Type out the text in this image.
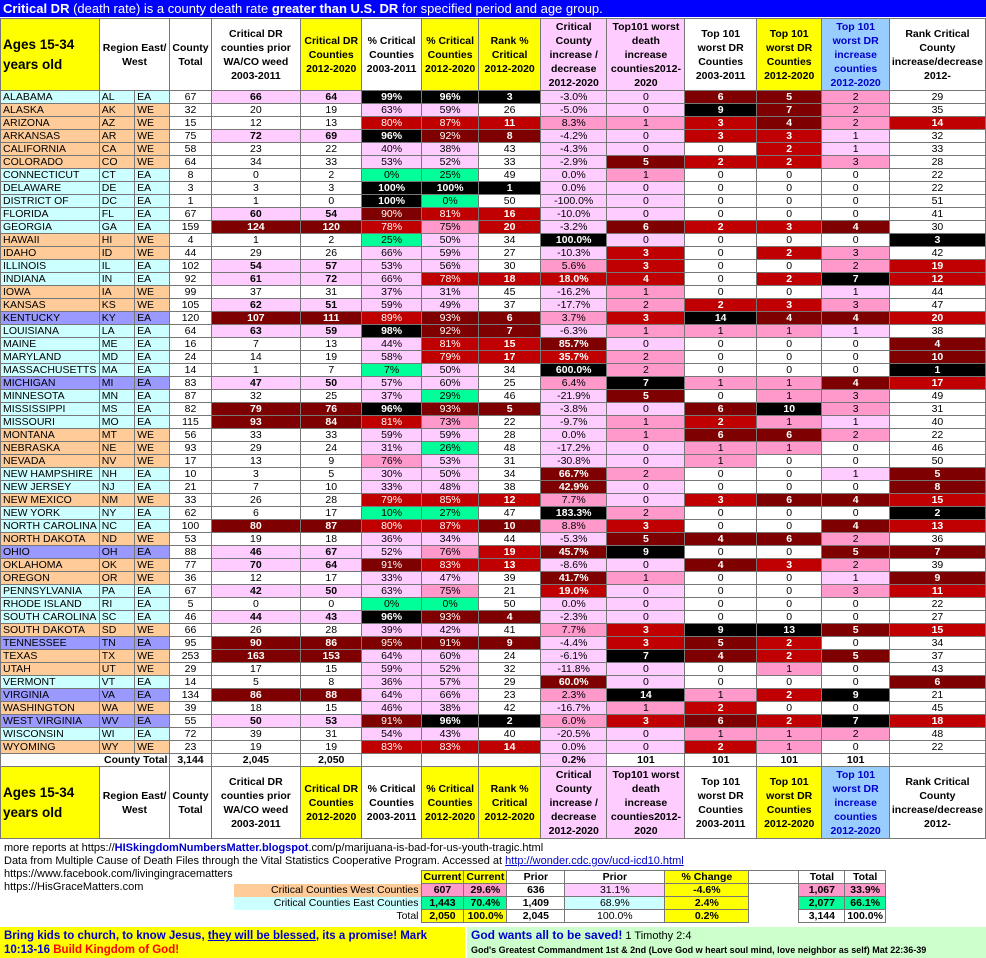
Critical DR (death rate) is a county death rate greater than U.S. DR for specified period and age group.
Ages 15-34 years old	Region East/ West		County Total	Critical DR counties prior WA/CO weed 2003-2011	Critical DR Counties 2012-2020	% Critical Counties 2003-2011	% Critical Counties 2012-2020	Rank % Critical 2012-2020	Critical County increase / decrease 2012-2020	Top101 worst death increase counties2012-2020	Top 101 worst DR Counties 2003-2011	Top 101 worst DR Counties 2012-2020	Top 101 worst DR increase counties 2012-2020	Rank Critical County increase/decrease 2012-
ALABAMA	AL	EA	67	66	64	99%	96%	3	-3.0%	0	6	5	2	29
ALASKA	AK	WE	32	20	19	63%	59%	26	-5.0%	0	9	7	2	35
ARIZONA	AZ	WE	15	12	13	80%	87%	11	8.3%	1	3	4	2	14
ARKANSAS	AR	WE	75	72	69	96%	92%	8	-4.2%	0	3	3	1	32
CALIFORNIA	CA	WE	58	23	22	40%	38%	43	-4.3%	0	0	2	1	33
COLORADO	CO	WE	64	34	33	53%	52%	33	-2.9%	5	2	2	3	28
CONNECTICUT	CT	EA	8	0	2	0%	25%	49	0.0%	1	0	0	0	22
DELAWARE	DE	EA	3	3	3	100%	100%	1	0.0%	0	0	0	0	22
DISTRICT OF	DC	EA	1	1	0	100%	0%	50	-100.0%	0	0	0	0	51
FLORIDA	FL	EA	67	60	54	90%	81%	16	-10.0%	0	0	0	0	41
GEORGIA	GA	EA	159	124	120	78%	75%	20	-3.2%	6	2	3	4	30
HAWAII	HI	WE	4	1	2	25%	50%	34	100.0%	0	0	0	0	3
IDAHO	ID	WE	44	29	26	66%	59%	27	-10.3%	3	0	2	3	42
ILLINOIS	IL	EA	102	54	57	53%	56%	30	5.6%	3	0	0	2	19
INDIANA	IN	EA	92	61	72	66%	78%	18	18.0%	4	0	2	7	12
IOWA	IA	WE	99	37	31	37%	31%	45	-16.2%	1	0	0	1	44
KANSAS	KS	WE	105	62	51	59%	49%	37	-17.7%	2	2	3	3	47
KENTUCKY	KY	EA	120	107	111	89%	93%	6	3.7%	3	14	4	4	20
LOUISIANA	LA	EA	64	63	59	98%	92%	7	-6.3%	1	1	1	1	38
MAINE	ME	EA	16	7	13	44%	81%	15	85.7%	0	0	0	0	4
MARYLAND	MD	EA	24	14	19	58%	79%	17	35.7%	2	0	0	0	10
MASSACHUSETTS	MA	EA	14	1	7	7%	50%	34	600.0%	2	0	0	0	1
MICHIGAN	MI	EA	83	47	50	57%	60%	25	6.4%	7	1	1	4	17
MINNESOTA	MN	EA	87	32	25	37%	29%	46	-21.9%	5	0	1	3	49
MISSISSIPPI	MS	EA	82	79	76	96%	93%	5	-3.8%	0	6	10	3	31
MISSOURI	MO	EA	115	93	84	81%	73%	22	-9.7%	1	2	1	1	40
MONTANA	MT	WE	56	33	33	59%	59%	28	0.0%	1	6	6	2	22
NEBRASKA	NE	WE	93	29	24	31%	26%	48	-17.2%	0	1	1	0	46
NEVADA	NV	WE	17	13	9	76%	53%	31	-30.8%	0	1	0	0	50
NEW HAMPSHIRE	NH	EA	10	3	5	30%	50%	34	66.7%	2	0	0	1	5
NEW JERSEY	NJ	EA	21	7	10	33%	48%	38	42.9%	0	0	0	0	8
NEW MEXICO	NM	WE	33	26	28	79%	85%	12	7.7%	0	3	6	4	15
NEW YORK	NY	EA	62	6	17	10%	27%	47	183.3%	2	0	0	0	2
NORTH CAROLINA	NC	EA	100	80	87	80%	87%	10	8.8%	3	0	0	4	13
NORTH DAKOTA	ND	WE	53	19	18	36%	34%	44	-5.3%	5	4	6	2	36
OHIO	OH	EA	88	46	67	52%	76%	19	45.7%	9	0	0	5	7
OKLAHOMA	OK	WE	77	70	64	91%	83%	13	-8.6%	0	4	3	2	39
OREGON	OR	WE	36	12	17	33%	47%	39	41.7%	1	0	0	1	9
PENNSYLVANIA	PA	EA	67	42	50	63%	75%	21	19.0%	0	0	0	3	11
RHODE ISLAND	RI	EA	5	0	0	0%	0%	50	0.0%	0	0	0	0	22
SOUTH CAROLINA	SC	EA	46	44	43	96%	93%	4	-2.3%	0	0	0	0	27
SOUTH DAKOTA	SD	WE	66	26	28	39%	42%	41	7.7%	3	9	13	5	15
TENNESSEE	TN	EA	95	90	86	95%	91%	9	-4.4%	3	5	2	0	34
TEXAS	TX	WE	253	163	153	64%	60%	24	-6.1%	7	4	2	5	37
UTAH	UT	WE	29	17	15	59%	52%	32	-11.8%	0	0	1	0	43
VERMONT	VT	EA	14	5	8	36%	57%	29	60.0%	0	0	0	0	6
VIRGINIA	VA	EA	134	86	88	64%	66%	23	2.3%	14	1	2	9	21
WASHINGTON	WA	WE	39	18	15	46%	38%	42	-16.7%	1	2	0	0	45
WEST VIRGINIA	WV	EA	55	50	53	91%	96%	2	6.0%	3	6	2	7	18
WISCONSIN	WI	EA	72	39	31	54%	43%	40	-20.5%	0	1	1	2	48
WYOMING	WY	WE	23	19	19	83%	83%	14	0.0%	0	2	1	0	22
County Total			3,144	2,045	2,050				0.2%	101	101	101	101	
Ages 15-34 years old	Region East/ West		County Total	Critical DR counties prior WA/CO weed 2003-2011	Critical DR Counties 2012-2020	% Critical Counties 2003-2011	% Critical Counties 2012-2020	Rank % Critical 2012-2020	Critical County increase / decrease 2012-2020	Top101 worst death increase counties2012-2020	Top 101 worst DR Counties 2003-2011	Top 101 worst DR Counties 2012-2020	Top 101 worst DR increase counties 2012-2020	Rank Critical County increase/decrease 2012-
more reports at https://HISkingdomNumbersMatter.blogspot.com/p/marijuana-is-bad-for-us-youth-tragic.html
Data from Multiple Cause of Death Files through the Vital Statistics Cooperative Program. Accessed at http://wonder.cdc.gov/ucd-icd10.html
https://www.facebook.com/livingingracematters
https://HisGraceMatters.com
	Current	Current	Prior	Prior	% Change		Total	Total
Critical Counties West Counties	607	29.6%	636	31.1%	-4.6%		1,067	33.9%
Critical Counties East Counties	1,443	70.4%	1,409	68.9%	2.4%		2,077	66.1%
Total	2,050	100.0%	2,045	100.0%	0.2%		3,144	100.0%
Bring kids to church, to know Jesus, they will be blessed, its a promise! Mark 10:13-16 Build Kingdom of God!
God wants all to be saved! 1 Timothy 2:4
God's Greatest Commandment 1st & 2nd (Love God w heart soul mind, love neighbor as self) Mat 22:36-39
